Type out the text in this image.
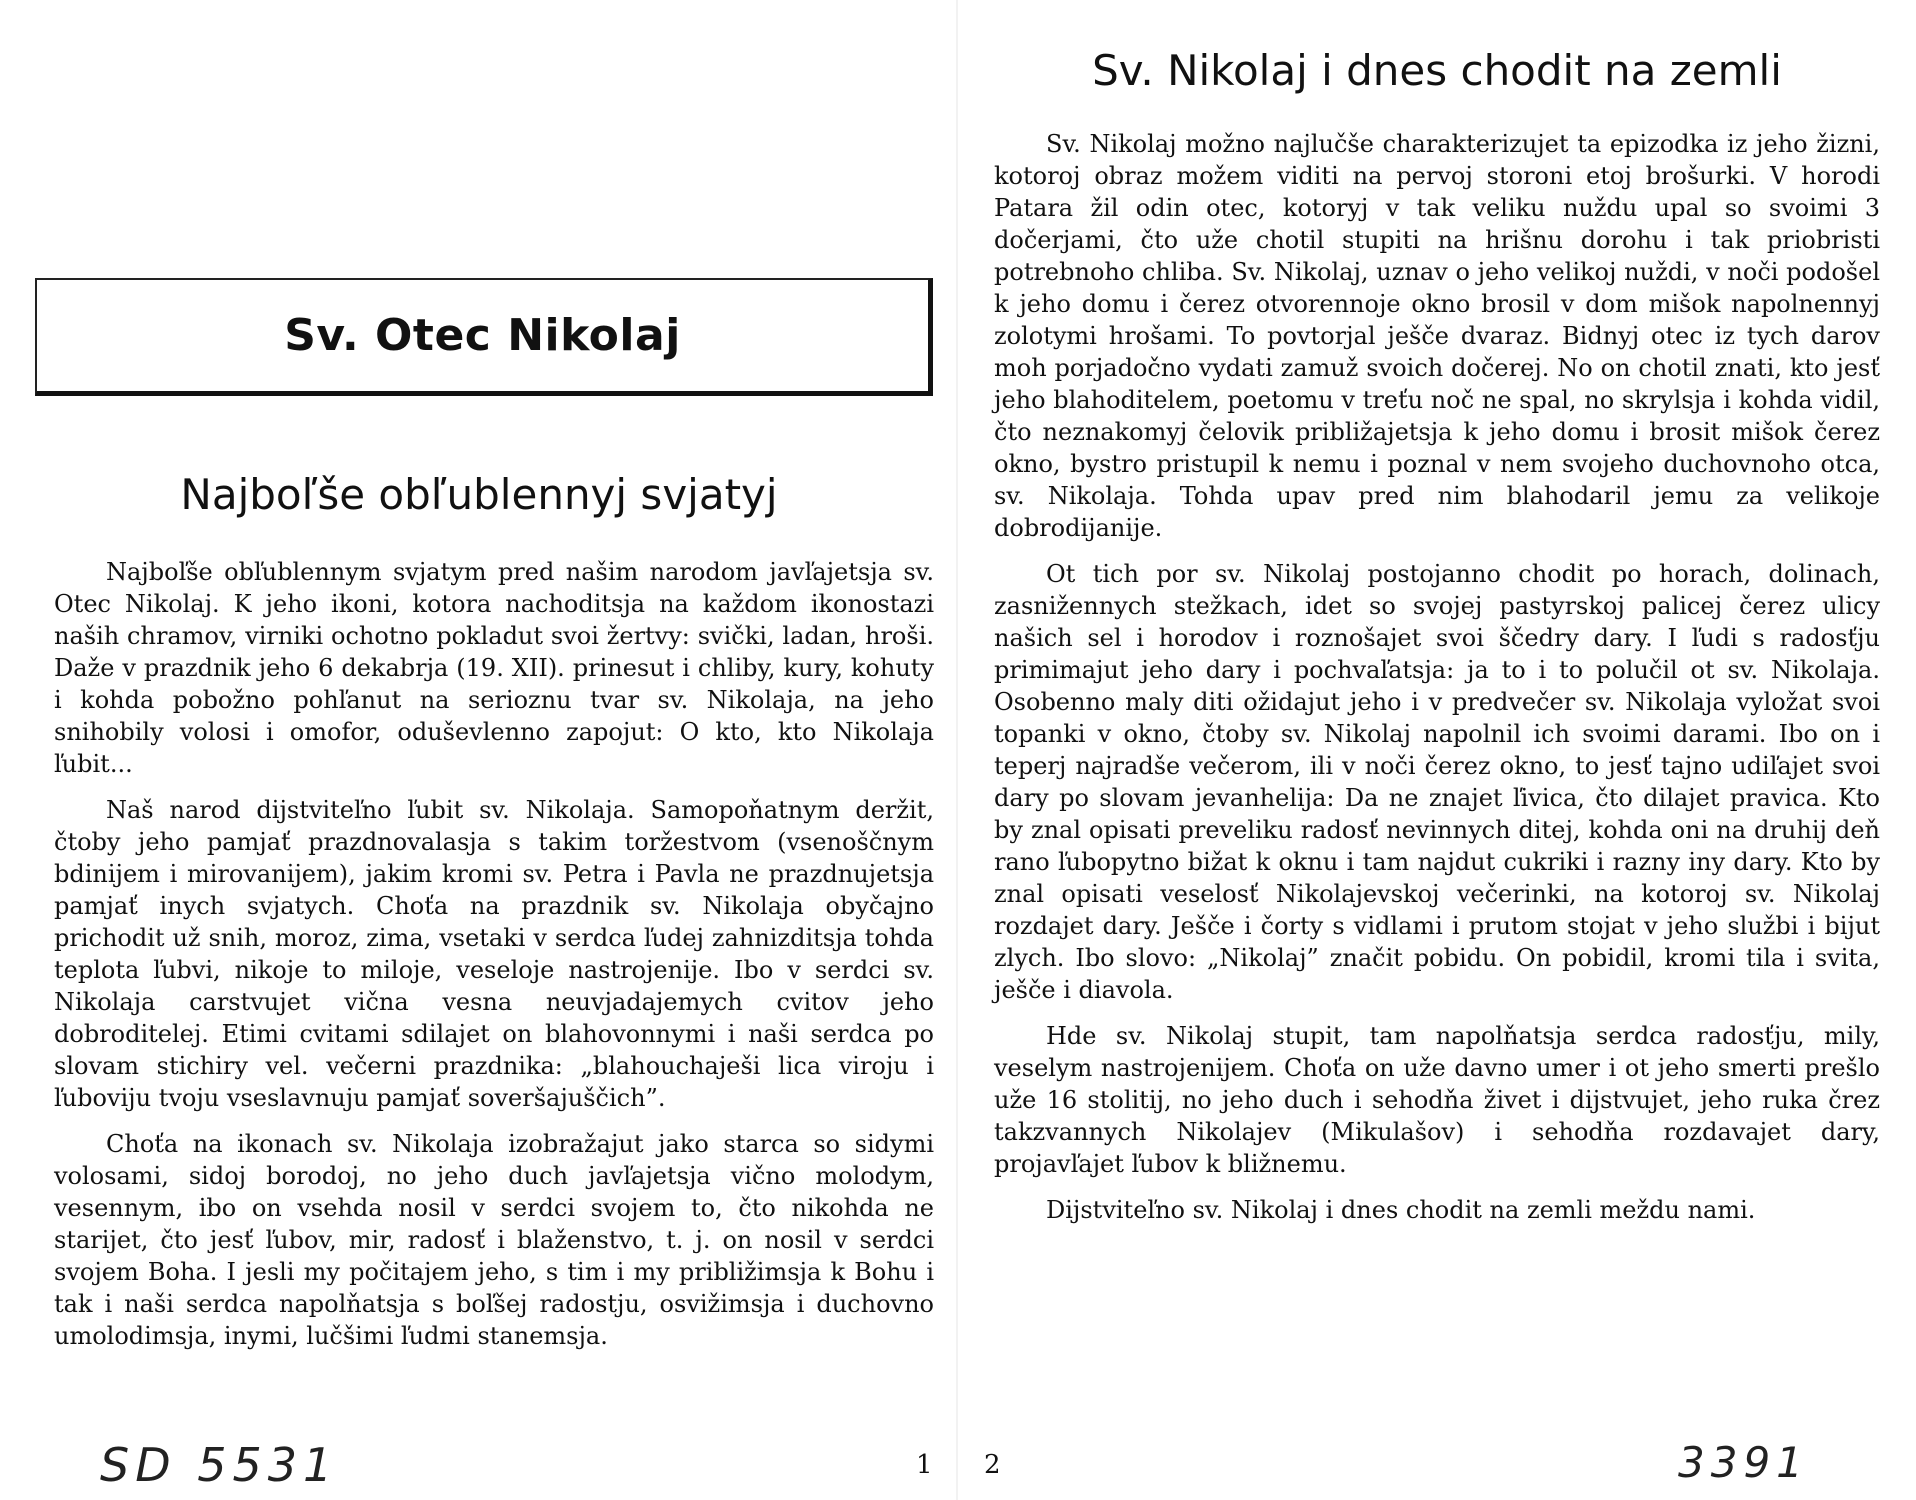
Sv. Otec Nikolaj
Najboľše obľublennyj svjatyj

Najboľše obľublennym svjatym pred našim narodom javľajetsja sv. Otec Nikolaj. K jeho ikoni, kotora nachoditsja na každom ikonostazi naših chramov, virniki ochotno pokladut svoi žertvy: svički, ladan, hroši. Daže v prazdnik jeho 6 dekabrja (19. XII). prinesut i chliby, kury, kohuty i kohda pobožno pohľanut na serioznu tvar sv. Nikolaja, na jeho snihobily volosi i omofor, oduševlenno zapojut: O kto, kto Nikolaja ľubit...

Naš narod dijstviteľno ľubit sv. Nikolaja. Samopoňatnym deržit, čtoby jeho pamjať prazdnovalasja s takim toržestvom (vsenoščnym bdinijem i mirovanijem), jakim kromi sv. Petra i Pavla ne prazdnujetsja pamjať inych svjatych. Choťa na prazdnik sv. Nikolaja obyčajno prichodit už snih, moroz, zima, vsetaki v serdca ľudej zahnizditsja tohda teplota ľubvi, nikoje to miloje, veseloje nastrojenije. Ibo v serdci sv. Nikolaja carstvujet vična vesna neuvjadajemych cvitov jeho dobroditelej. Etimi cvitami sdilajet on blahovonnymi i naši serdca po slovam stichiry vel. večerni prazdnika: „blahouchaješi lica viroju i ľuboviju tvoju vseslavnuju pamjať soveršajuščich”.

Choťa na ikonach sv. Nikolaja izobražajut jako starca so sidymi volosami, sidoj borodoj, no jeho duch javľajetsja vično molodym, vesennym, ibo on vsehda nosil v serdci svojem to, čto nikohda ne starijet, čto jesť ľubov, mir, radosť i blaženstvo, t. j. on nosil v serdci svojem Boha. I jesli my počitajem jeho, s tim i my približimsja k Bohu i tak i naši serdca napolňatsja s boľšej radostju, osvižimsja i duchovno umolodimsja, inymi, lučšimi ľudmi stanemsja.

SD 5531	1
Sv. Nikolaj i dnes chodit na zemli

Sv. Nikolaj možno najlučše charakterizujet ta epizodka iz jeho žizni, kotoroj obraz možem viditi na pervoj storoni etoj brošurki. V horodi Patara žil odin otec, kotoryj v tak veliku nuždu upal so svoimi 3 dočerjami, čto uže chotil stupiti na hrišnu dorohu i tak priobristi potrebnoho chliba. Sv. Nikolaj, uznav o jeho velikoj nuždi, v noči podošel k jeho domu i čerez otvorennoje okno brosil v dom mišok napolnennyj zolotymi hrošami. To povtorjal ješče dvaraz. Bidnyj otec iz tych darov moh porjadočno vydati zamuž svoich dočerej. No on chotil znati, kto jesť jeho blahoditelem, poetomu v treťu noč ne spal, no skrylsja i kohda vidil, čto neznakomyj čelovik približajetsja k jeho domu i brosit mišok čerez okno, bystro pristupil k nemu i poznal v nem svojeho duchovnoho otca, sv. Nikolaja. Tohda upav pred nim blahodaril jemu za velikoje dobrodijanije.

Ot tich por sv. Nikolaj postojanno chodit po horach, dolinach, zasnižennych stežkach, idet so svojej pastyrskoj palicej čerez ulicy našich sel i horodov i roznošajet svoi ščedry dary. I ľudi s radosťju primimajut jeho dary i pochvaľatsja: ja to i to polučil ot sv. Nikolaja. Osobenno maly diti ožidajut jeho i v predvečer sv. Nikolaja vyložat svoi topanki v okno, čtoby sv. Nikolaj napolnil ich svoimi darami. Ibo on i teperj najradše večerom, ili v noči čerez okno, to jesť tajno udiľajet svoi dary po slovam jevanhelija: Da ne znajet ľivica, čto dilajet pravica. Kto by znal opisati preveliku radosť nevinnych ditej, kohda oni na druhij deň rano ľubopytno bižat k oknu i tam najdut cukriki i razny iny dary. Kto by znal opisati veselosť Nikolajevskoj večerinki, na kotoroj sv. Nikolaj rozdajet dary. Ješče i čorty s vidlami i prutom stojat v jeho službi i bijut zlych. Ibo slovo: „Nikolaj” značit pobidu. On pobidil, kromi tila i svita, ješče i diavola.

Hde sv. Nikolaj stupit, tam napolňatsja serdca radosťju, mily, veselym nastrojenijem. Choťa on uže davno umer i ot jeho smerti prešlo uže 16 stolitij, no jeho duch i sehodňa živet i dijstvujet, jeho ruka črez takzvannych Nikolajev (Mikulašov) i sehodňa rozdavajet dary, projavľajet ľubov k bližnemu.

Dijstviteľno sv. Nikolaj i dnes chodit na zemli meždu nami.

2	3391
